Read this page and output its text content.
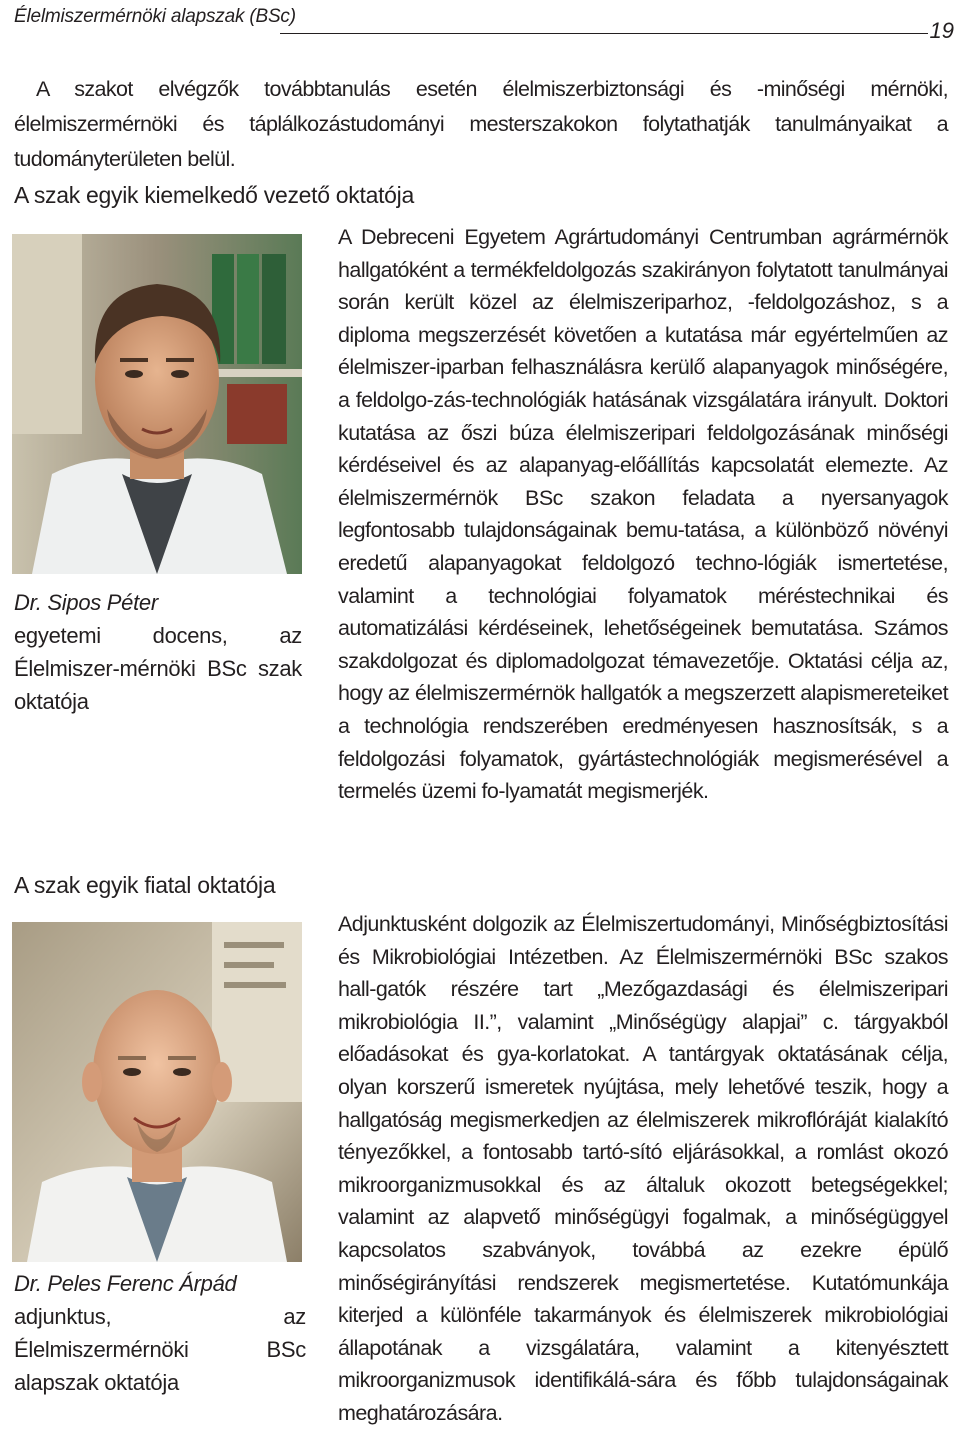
Élelmiszermérnöki alapszak (BSc)
19
A szakot elvégzők továbbtanulás esetén élelmiszerbiztonsági és -minőségi mérnöki, élelmiszermérnöki és táplálkozástudományi mesterszakokon folytathatják tanulmányaikat a tudományterületen belül.
A szak egyik kiemelkedő vezető oktatója
Dr. Sipos Péter
egyetemi docens, az Élelmiszer-mérnöki BSc szak oktatója
A Debreceni Egyetem Agrártudományi Centrumban agrármérnök hallgatóként a termékfeldolgozás szakirányon folytatott tanulmányai során került közel az élelmiszeriparhoz, -feldolgozáshoz, s a diploma megszerzését követően a kutatása már egyértelműen az élelmiszer-iparban felhasználásra kerülő alapanyagok minőségére, a feldolgo-zás-technológiák hatásának vizsgálatára irányult. Doktori kutatása az őszi búza élelmiszeripari feldolgozásának minőségi kérdéseivel és az alapanyag-előállítás kapcsolatát elemezte. Az élelmiszermérnök BSc szakon feladata a nyersanyagok legfontosabb tulajdonságainak bemu-tatása, a különböző növényi eredetű alapanyagokat feldolgozó techno-lógiák ismertetése, valamint a technológiai folyamatok méréstechnikai és automatizálási kérdéseinek, lehetőségeinek bemutatása. Számos szakdolgozat és diplomadolgozat témavezetője. Oktatási célja az, hogy az élelmiszermérnök hallgatók a megszerzett alapismereteiket a technológia rendszerében eredményesen hasznosítsák, s a feldolgozási folyamatok, gyártástechnológiák megismerésével a termelés üzemi fo-lyamatát megismerjék.
A szak egyik fiatal oktatója
Dr. Peles Ferenc Árpád
adjunktus, az Élelmiszermérnöki BSc alapszak oktatója
Adjunktusként dolgozik az Élelmiszertudományi, Minőségbiztosítási és Mikrobiológiai Intézetben. Az Élelmiszermérnöki BSc szakos hall-gatók részére tart „Mezőgazdasági és élelmiszeripari mikrobiológia II.”, valamint „Minőségügy alapjai” c. tárgyakból előadásokat és gya-korlatokat. A tantárgyak oktatásának célja, olyan korszerű ismeretek nyújtása, mely lehetővé teszik, hogy a hallgatóság megismerkedjen az élelmiszerek mikroflóráját kialakító tényezőkkel, a fontosabb tartó-sító eljárásokkal, a romlást okozó mikroorganizmusokkal és az általuk okozott betegségekkel; valamint az alapvető minőségügyi fogalmak, a minőségüggyel kapcsolatos szabványok, továbbá az ezekre épülő minőségirányítási rendszerek megismertetése. Kutatómunkája kiterjed a különféle takarmányok és élelmiszerek mikrobiológiai állapotának a vizsgálatára, valamint a kitenyésztett mikroorganizmusok identifikálá-sára és főbb tulajdonságainak meghatározására.
